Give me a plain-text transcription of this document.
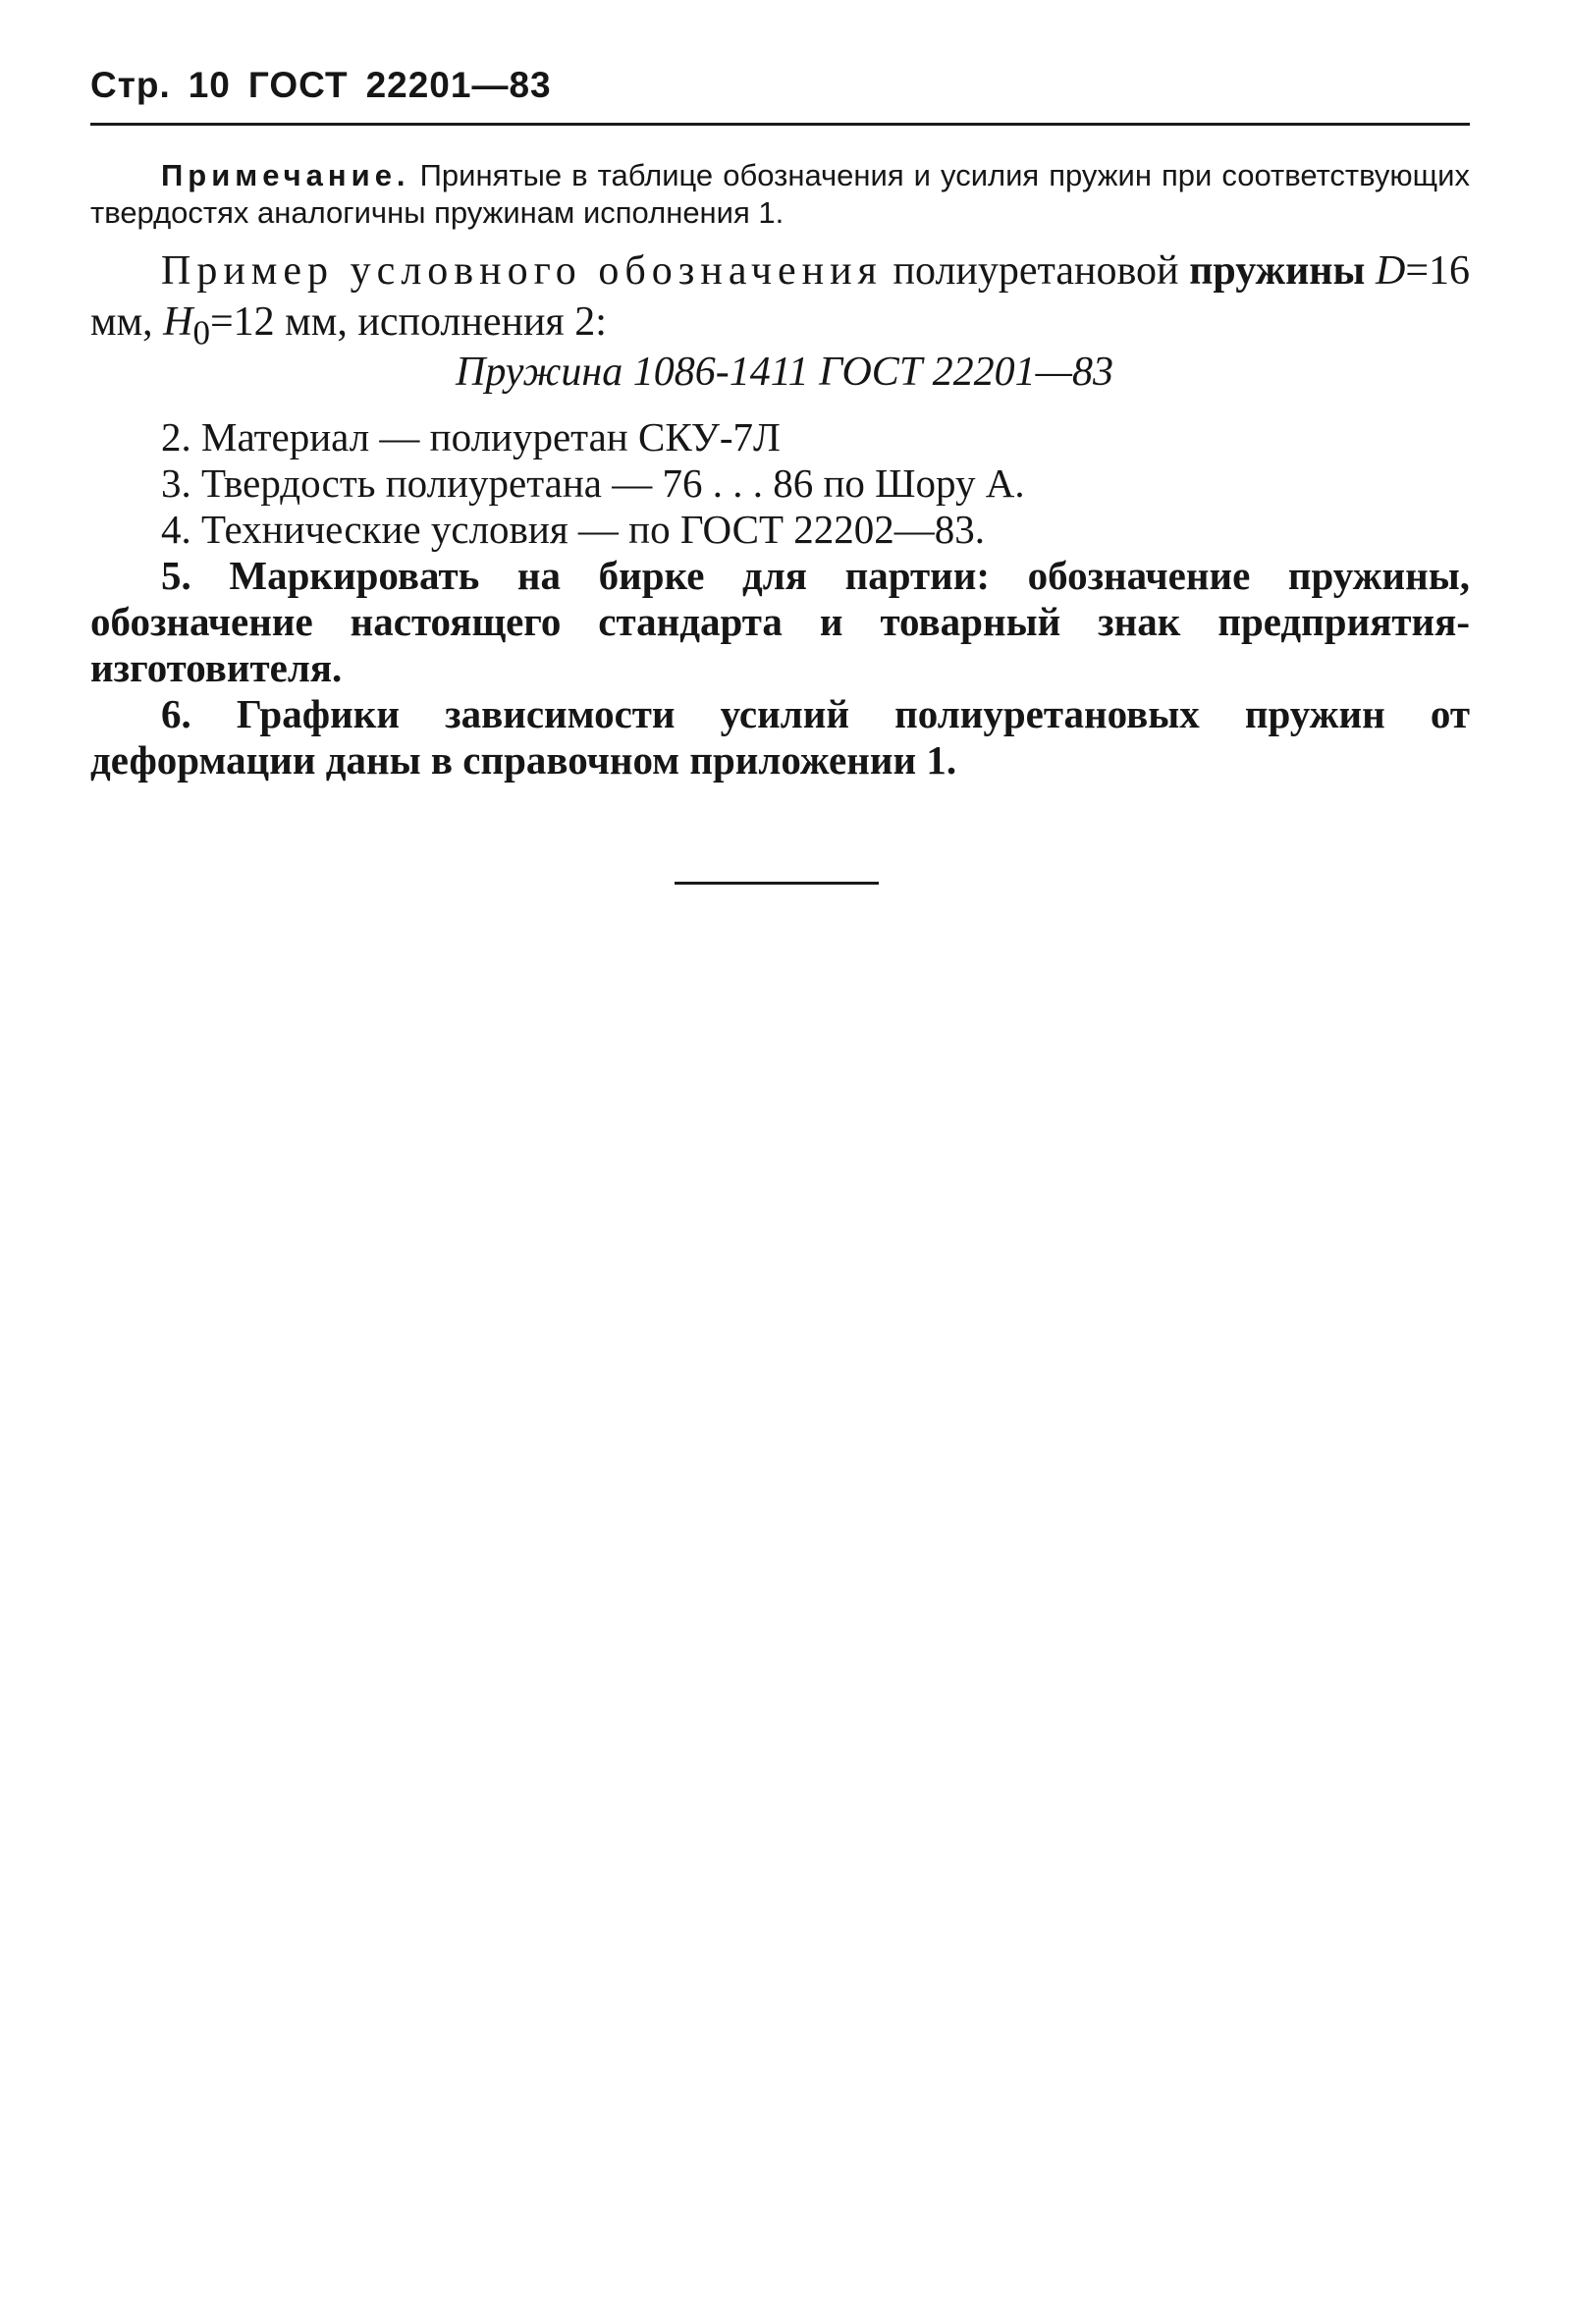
Стр. 10 ГОСТ 22201—83
Примечание. Принятые в таблице обозначения и усилия пружин при соответствующих твердостях аналогичны пружинам исполнения 1.
Пример условного обозначения полиуретановой пружины D=16 мм, $H_0=12$ мм, исполнения 2:
Пружина 1086-1411 ГОСТ 22201—83

2. Материал — полиуретан СКУ-7Л

3. Твердость полиуретана — 76 . . . 86 по Шору А.

4. Технические условия — по ГОСТ 22202—83.

5. Маркировать на бирке для партии: обозначение пружины, обозначение настоящего стандарта и товарный знак предприятия-изготовителя.

6. Графики зависимости усилий полиуретановых пружин от деформации даны в справочном приложении 1.
